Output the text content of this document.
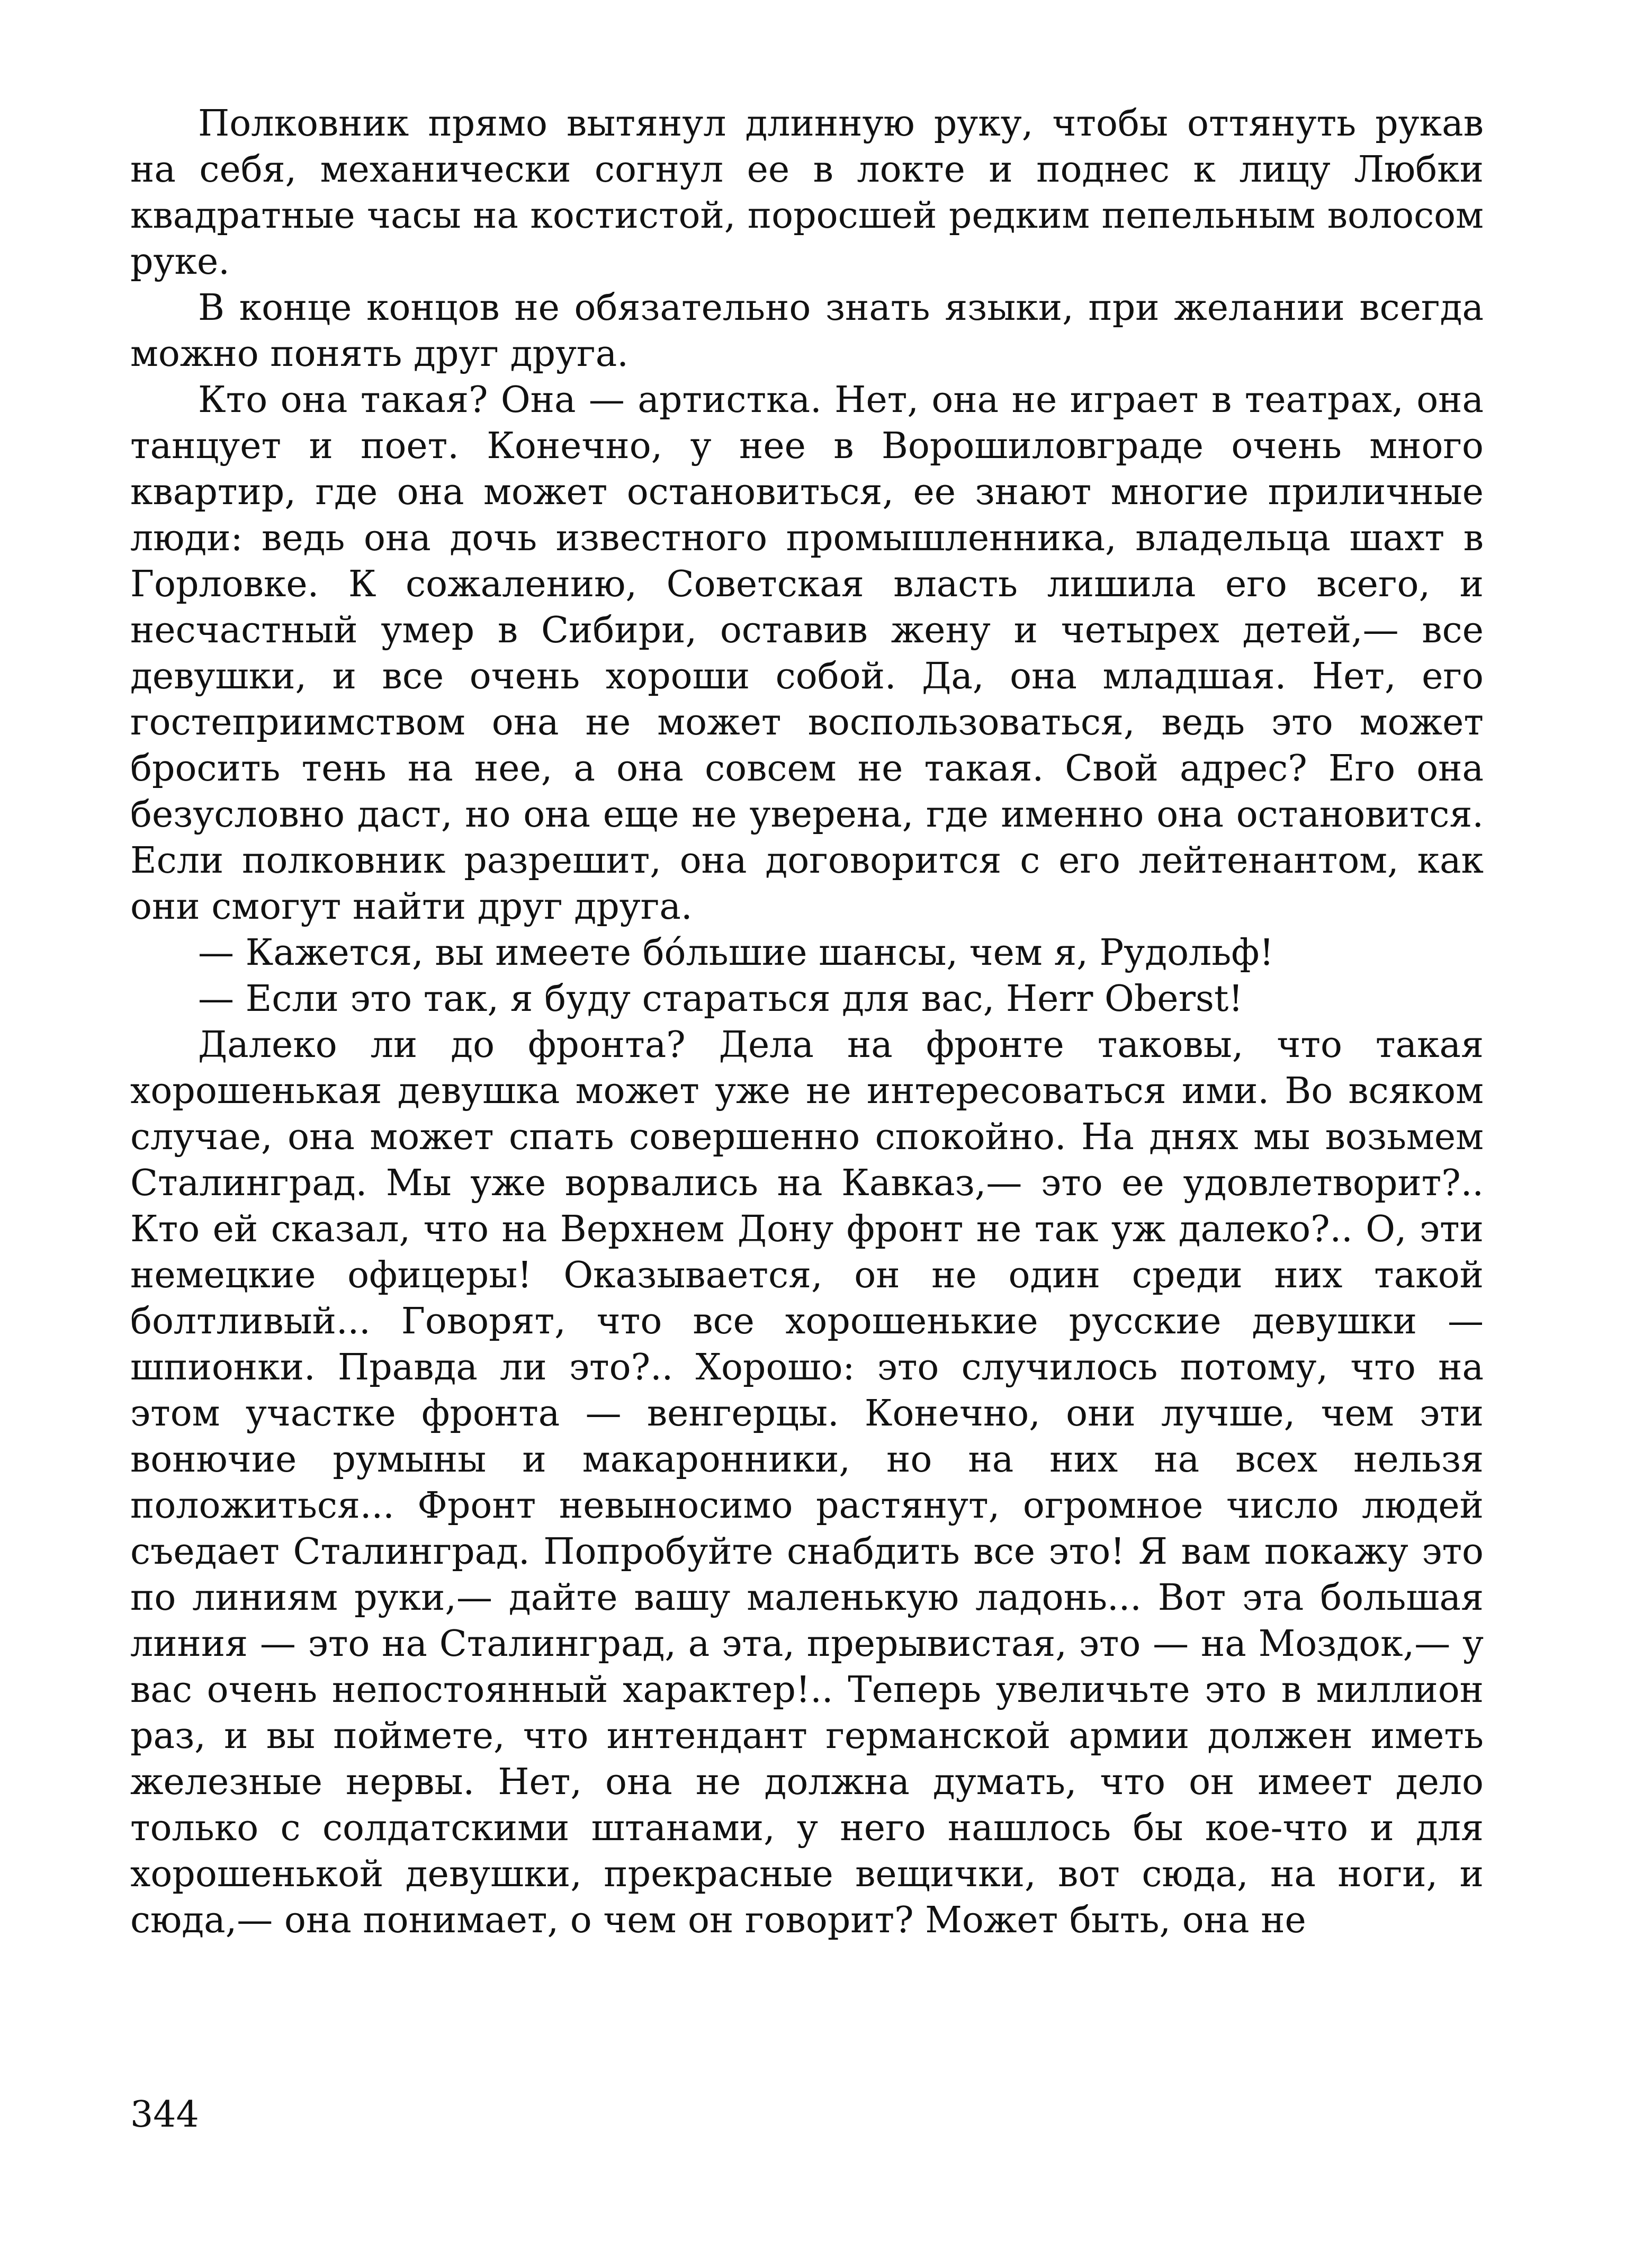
Полковник прямо вытянул длинную руку, чтобы оттянуть рукав на себя, механически согнул ее в локте и поднес к лицу Любки квадратные часы на костистой, поросшей редким пепельным волосом руке.

В конце концов не обязательно знать языки, при желании всегда можно понять друг друга.

Кто она такая? Она — артистка. Нет, она не играет в театрах, она танцует и поет. Конечно, у нее в Ворошиловграде очень много квартир, где она может остановиться, ее знают многие приличные люди: ведь она дочь известного промышленника, владельца шахт в Горловке. К сожалению, Советская власть лишила его всего, и несчастный умер в Сибири, оставив жену и четырех детей,— все девушки, и все очень хороши собой. Да, она младшая. Нет, его гостеприимством она не может воспользоваться, ведь это может бросить тень на нее, а она совсем не такая. Свой адрес? Его она безусловно даст, но она еще не уверена, где именно она остановится. Если полковник разрешит, она договорится с его лейтенантом, как они смогут найти друг друга.

— Кажется, вы имеете бо́льшие шансы, чем я, Рудольф!

— Если это так, я буду стараться для вас, Herr Oberst!

Далеко ли до фронта? Дела на фронте таковы, что такая хорошенькая девушка может уже не интересоваться ими. Во всяком случае, она может спать совершенно спокойно. На днях мы возьмем Сталинград. Мы уже ворвались на Кавказ,— это ее удовлетворит?.. Кто ей сказал, что на Верхнем Дону фронт не так уж далеко?.. О, эти немецкие офицеры! Оказывается, он не один среди них такой болтливый... Говорят, что все хорошенькие русские девушки — шпионки. Правда ли это?.. Хорошо: это случилось потому, что на этом участке фронта — венгерцы. Конечно, они лучше, чем эти вонючие румыны и макаронники, но на них на всех нельзя положиться... Фронт невыносимо растянут, огромное число людей съедает Сталинград. Попробуйте снабдить все это! Я вам покажу это по линиям руки,— дайте вашу маленькую ладонь... Вот эта большая линия — это на Сталинград, а эта, прерывистая, это — на Моздок,— у вас очень непостоянный характер!.. Теперь увеличьте это в миллион раз, и вы поймете, что интендант германской армии должен иметь железные нервы. Нет, она не должна думать, что он имеет дело только с солдатскими штанами, у него нашлось бы кое-что и для хорошенькой девушки, прекрасные вещички, вот сюда, на ноги, и сюда,— она понимает, о чем он говорит? Может быть, она не

344
